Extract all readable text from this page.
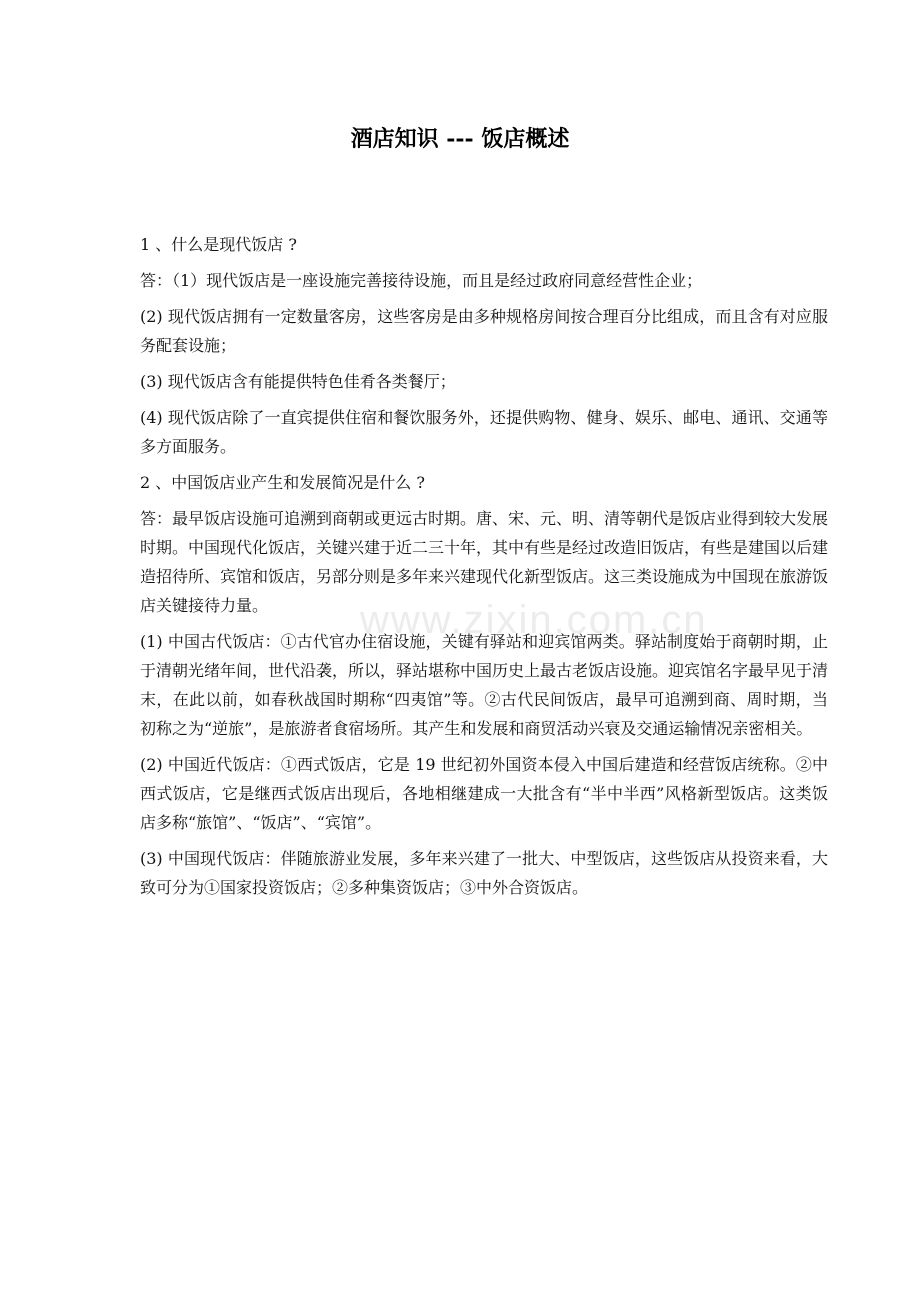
www.zixin.com.cn
酒店知识 --- 饭店概述

1 、什么是现代饭店 ?

答：（1）现代饭店是一座设施完善接待设施，而且是经过政府同意经营性企业；

(2) 现代饭店拥有一定数量客房，这些客房是由多种规格房间按合理百分比组成，而且含有对应服务配套设施；

(3) 现代饭店含有能提供特色佳肴各类餐厅；

(4) 现代饭店除了一直宾提供住宿和餐饮服务外，还提供购物、健身、娱乐、邮电、通讯、交通等多方面服务。

2 、中国饭店业产生和发展简况是什么 ?

答：最早饭店设施可追溯到商朝或更远古时期。唐、宋、元、明、清等朝代是饭店业得到较大发展时期。中国现代化饭店，关键兴建于近二三十年，其中有些是经过改造旧饭店，有些是建国以后建造招待所、宾馆和饭店，另部分则是多年来兴建现代化新型饭店。这三类设施成为中国现在旅游饭店关键接待力量。

(1) 中国古代饭店：①古代官办住宿设施，关键有驿站和迎宾馆两类。驿站制度始于商朝时期，止于清朝光绪年间，世代沿袭，所以，驿站堪称中国历史上最古老饭店设施。迎宾馆名字最早见于清末，在此以前，如春秋战国时期称“四夷馆”等。②古代民间饭店，最早可追溯到商、周时期，当初称之为“逆旅”，是旅游者食宿场所。其产生和发展和商贸活动兴衰及交通运输情况亲密相关。

(2) 中国近代饭店：①西式饭店，它是 19 世纪初外国资本侵入中国后建造和经营饭店统称。②中西式饭店，它是继西式饭店出现后，各地相继建成一大批含有“半中半西”风格新型饭店。这类饭店多称“旅馆”、“饭店”、“宾馆”。

(3) 中国现代饭店：伴随旅游业发展，多年来兴建了一批大、中型饭店，这些饭店从投资来看，大致可分为①国家投资饭店；②多种集资饭店；③中外合资饭店。
